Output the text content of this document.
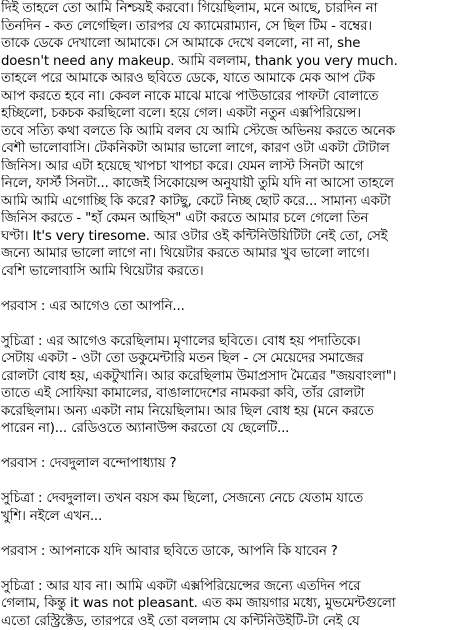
দিই তাহলে তো আমি নিশ্চয়ই করবো। গিয়েছিলাম, মনে আছে, চারদিন না
তিনদিন - কত লেগেছিল। তারপর যে ক্যামেরাম্যান, সে ছিল টিম - বম্বের।
তাকে ডেকে দেখালো আমাকে। সে আমাকে দেখে বললো, না না, she
doesn't need any makeup. আমি বললাম, thank you very much.
তাহলে পরে আমাকে আরও ছবিতে ডেকে, যাতে আমাকে মেক আপ টেক
আপ করতে হবে না। কেবল নাকে মাঝে মাঝে পাউডারের পাফটা বোলাতে
হচ্ছিলো, চকচক করছিলো বলে। হয়ে গেল। একটা নতুন এক্সপিরিয়েন্স।
তবে সত্যি কথা বলতে কি আমি বলব যে আমি স্টেজে অভিনয় করতে অনেক
বেশী ভালোবাসি। টেকনিকটা আমার ভালো লাগে, কারণ ওটা একটা টোটাল
জিনিস। আর এটা হয়েছে খাপচা খাপচা করে। যেমন লাস্ট সিনটা আগে
নিলে, ফার্স্ট সিনটা... কাজেই সিকোয়েন্স অনুযায়ী তুমি যদি না আসো তাহলে
আমি আমি এগোচ্ছি কি করে? কাটছু, কেটে নিচ্ছ ছোট করে... সামান্য একটা
জিনিস করতে - "হাঁ কেমন আছিস" এটা করতে আমার চলে গেলো তিন
ঘণ্টা। It's very tiresome. আর ওটার ওই কন্টিনিউয়িটিটা নেই তো, সেই
জন্যে আমার ভালো লাগে না। থিয়েটার করতে আমার খুব ভালো লাগে।
বেশি ভালোবাসি আমি থিয়েটার করতে।
পরবাস : এর আগেও তো আপনি...
সুচিত্রা : এর আগেও করেছিলাম। মৃণালের ছবিতে। বোধ হয় পদাতিকে।
সেটায় একটা - ওটা তো ডকুমেন্টারি মতন ছিল - সে মেয়েদের সমাজের
রোলটা বোধ হয়, একটুখানি। আর করেছিলাম উমাপ্রসাদ মৈত্রের "জয়বাংলা"।
তাতে এই সোফিয়া কামালের, বাঙালাদেশের নামকরা কবি, তাঁর রোলটা
করেছিলাম। অন্য একটা নাম নিয়েছিলাম। আর ছিল বোধ হয় (মনে করতে
পারেন না)... রেডিওতে অ্যানাউন্স করতো যে ছেলেটি...
পরবাস : দেবদুলাল বন্দোপাধ্যায় ?
সুচিত্রা : দেবদুলাল। তখন বয়স কম ছিলো, সেজন্যে নেচে যেতাম যাতে
খুশি। নইলে এখন...
পরবাস : আপনাকে যদি আবার ছবিতে ডাকে, আপনি কি যাবেন ?
সুচিত্রা : আর যাব না। আমি একটা এক্সপিরিয়েন্সের জন্যে এতদিন পরে
গেলাম, কিন্তু it was not pleasant. এত কম জায়গার মধ্যে, মুভমেন্টগুলো
এতো রেস্ট্রিক্টেড, তারপরে ওই তো বললাম যে কন্টিনিউইটি-টা নেই যে
